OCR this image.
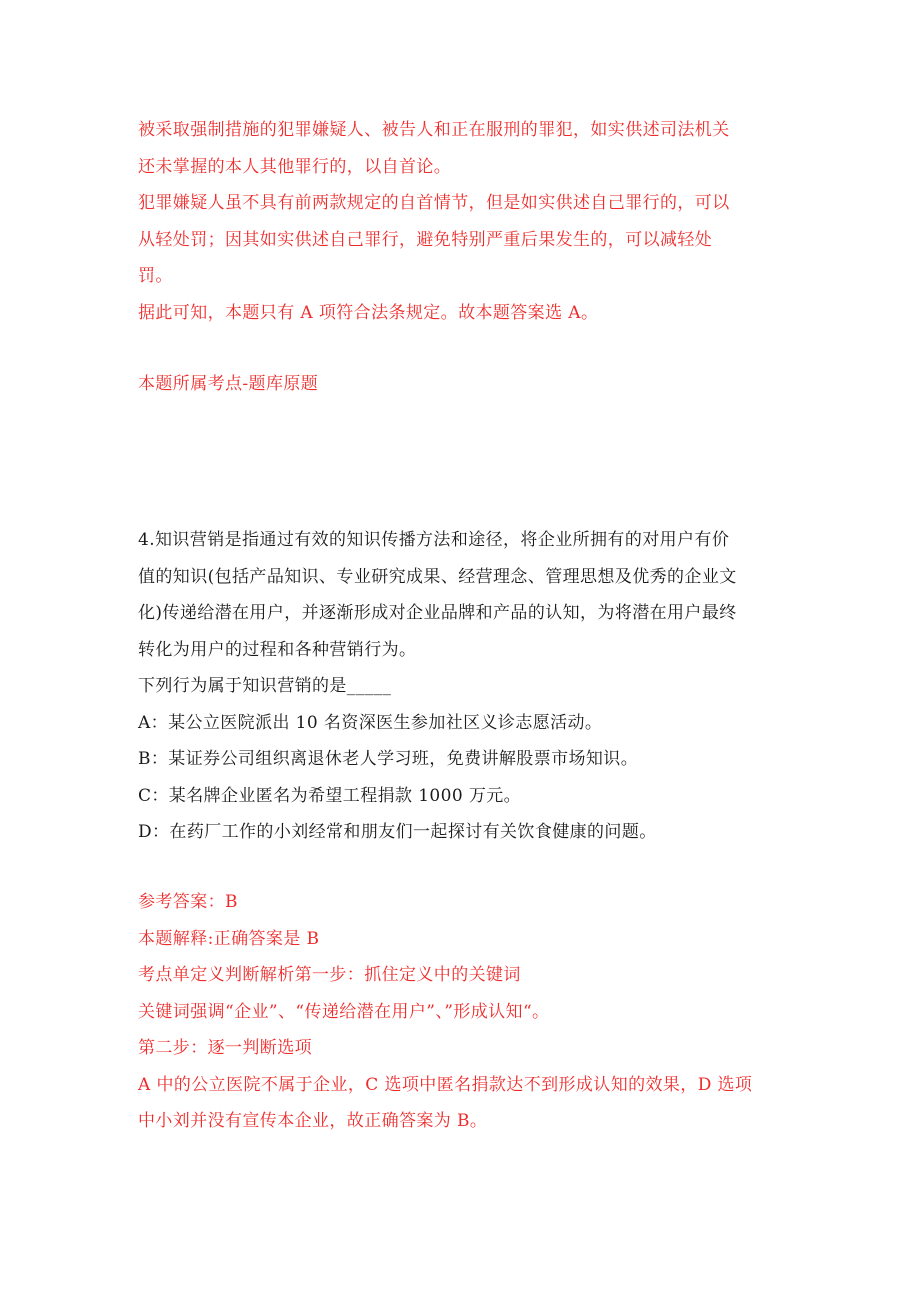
被采取强制措施的犯罪嫌疑人、被告人和正在服刑的罪犯，如实供述司法机关
还未掌握的本人其他罪行的，以自首论。
犯罪嫌疑人虽不具有前两款规定的自首情节，但是如实供述自己罪行的，可以
从轻处罚；因其如实供述自己罪行，避免特别严重后果发生的，可以减轻处
罚。
据此可知，本题只有 A 项符合法条规定。故本题答案选 A。
本题所属考点-题库原题
4.知识营销是指通过有效的知识传播方法和途径，将企业所拥有的对用户有价
值的知识(包括产品知识、专业研究成果、经营理念、管理思想及优秀的企业文
化)传递给潜在用户，并逐渐形成对企业品牌和产品的认知，为将潜在用户最终
转化为用户的过程和各种营销行为。
下列行为属于知识营销的是_____
A：某公立医院派出 10 名资深医生参加社区义诊志愿活动。
B：某证券公司组织离退休老人学习班，免费讲解股票市场知识。
C：某名牌企业匿名为希望工程捐款 1000 万元。
D：在药厂工作的小刘经常和朋友们一起探讨有关饮食健康的问题。
参考答案：B
本题解释:正确答案是 B
考点单定义判断解析第一步：抓住定义中的关键词
关键词强调“企业”、“传递给潜在用户”、”形成认知“。
第二步：逐一判断选项
A 中的公立医院不属于企业，C 选项中匿名捐款达不到形成认知的效果，D 选项
中小刘并没有宣传本企业，故正确答案为 B。
